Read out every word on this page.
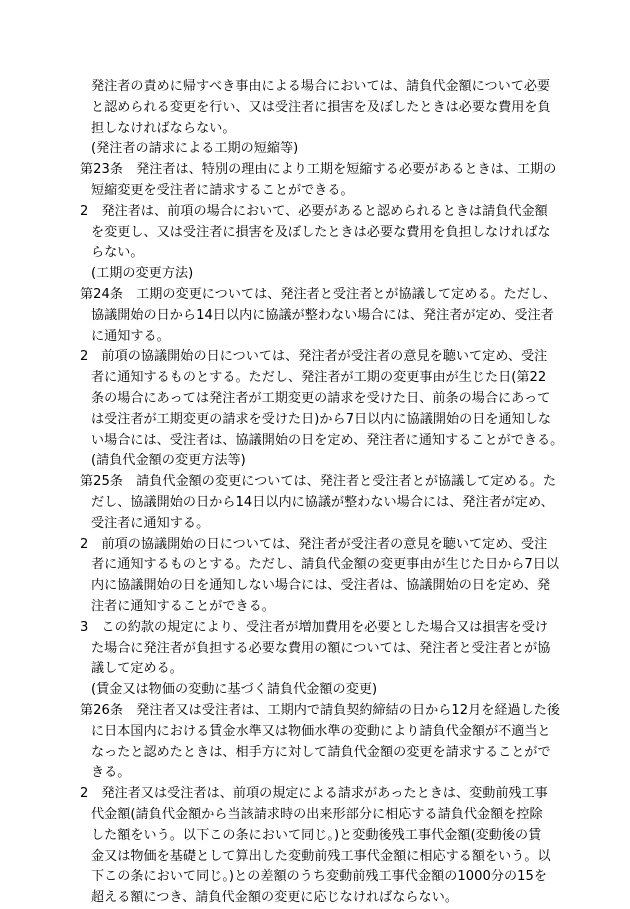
発注者の責めに帰すべき事由による場合においては、請負代金額について必要
と認められる変更を行い、又は受注者に損害を及ぼしたときは必要な費用を負
担しなければならない。
(発注者の請求による工期の短縮等)
第23条　発注者は、特別の理由により工期を短縮する必要があるときは、工期の
短縮変更を受注者に請求することができる。
2　発注者は、前項の場合において、必要があると認められるときは請負代金額
を変更し、又は受注者に損害を及ぼしたときは必要な費用を負担しなければな
らない。
(工期の変更方法)
第24条　工期の変更については、発注者と受注者とが協議して定める。ただし、
協議開始の日から14日以内に協議が整わない場合には、発注者が定め、受注者
に通知する。
2　前項の協議開始の日については、発注者が受注者の意見を聴いて定め、受注
者に通知するものとする。ただし、発注者が工期の変更事由が生じた日(第22
条の場合にあっては発注者が工期変更の請求を受けた日、前条の場合にあって
は受注者が工期変更の請求を受けた日)から7日以内に協議開始の日を通知しな
い場合には、受注者は、協議開始の日を定め、発注者に通知することができる。
(請負代金額の変更方法等)
第25条　請負代金額の変更については、発注者と受注者とが協議して定める。た
だし、協議開始の日から14日以内に協議が整わない場合には、発注者が定め、
受注者に通知する。
2　前項の協議開始の日については、発注者が受注者の意見を聴いて定め、受注
者に通知するものとする。ただし、請負代金額の変更事由が生じた日から7日以
内に協議開始の日を通知しない場合には、受注者は、協議開始の日を定め、発
注者に通知することができる。
3　この約款の規定により、受注者が増加費用を必要とした場合又は損害を受け
た場合に発注者が負担する必要な費用の額については、発注者と受注者とが協
議して定める。
(賃金又は物価の変動に基づく請負代金額の変更)
第26条　発注者又は受注者は、工期内で請負契約締結の日から12月を経過した後
に日本国内における賃金水準又は物価水準の変動により請負代金額が不適当と
なったと認めたときは、相手方に対して請負代金額の変更を請求することがで
きる。
2　発注者又は受注者は、前項の規定による請求があったときは、変動前残工事
代金額(請負代金額から当該請求時の出来形部分に相応する請負代金額を控除
した額をいう。以下この条において同じ。)と変動後残工事代金額(変動後の賃
金又は物価を基礎として算出した変動前残工事代金額に相応する額をいう。以
下この条において同じ。)との差額のうち変動前残工事代金額の1000分の15を
超える額につき、請負代金額の変更に応じなければならない。
